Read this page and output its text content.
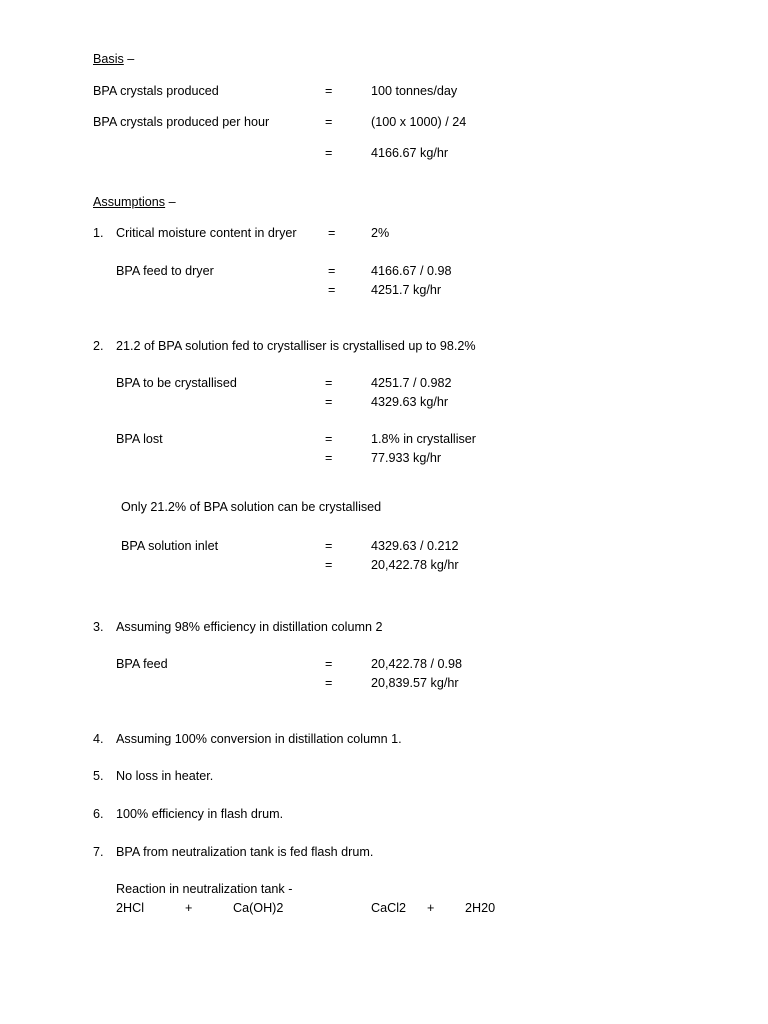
Basis –
BPA crystals produced	=	100 tonnes/day
BPA crystals produced per hour	=	(100 x 1000) / 24
=	4166.67 kg/hr
Assumptions –
1. Critical moisture content in dryer =	2%
BPA feed to dryer	=	4166.67 / 0.98
=	4251.7 kg/hr
2. 21.2 of BPA solution fed to crystalliser is crystallised up to 98.2%
BPA to be crystallised	=	4251.7 / 0.982
=	4329.63 kg/hr
BPA lost	=	1.8% in crystalliser
=	77.933 kg/hr
Only 21.2% of BPA solution can be crystallised
BPA solution inlet	=	4329.63 / 0.212
=	20,422.78 kg/hr
3. Assuming 98% efficiency in distillation column 2
BPA feed	=	20,422.78 / 0.98
=	20,839.57 kg/hr
4. Assuming 100% conversion in distillation column 1.
5. No loss in heater.
6. 100% efficiency in flash drum.
7. BPA from neutralization tank is fed flash drum.
Reaction in neutralization tank -
2HCl	+	Ca(OH)2	CaCl2 + 2H20
